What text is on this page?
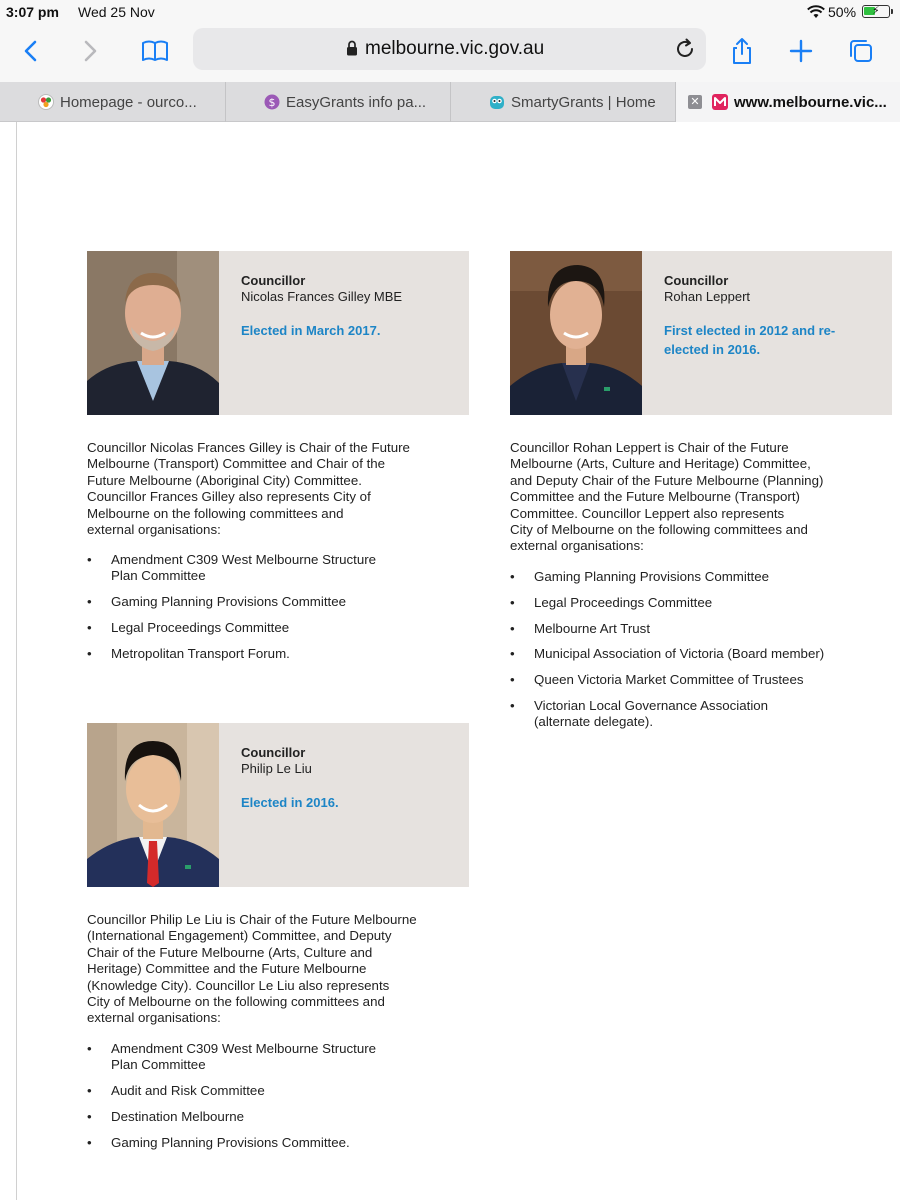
3:07 pm Wed 25 Nov	50% ⚡
melbourne.vic.gov.au
Homepage - ourco...	$ EasyGrants info pa...	SmartyGrants | Home	✕ www.melbourne.vic...
Councillor
Nicolas Frances Gilley MBE
Elected in March 2017.

Councillor Nicolas Frances Gilley is Chair of the Future
Melbourne (Transport) Committee and Chair of the
Future Melbourne (Aboriginal City) Committee.
Councillor Frances Gilley also represents City of
Melbourne on the following committees and
external organisations:

• Amendment C309 West Melbourne Structure
Plan Committee
• Gaming Planning Provisions Committee
• Legal Proceedings Committee
• Metropolitan Transport Forum.
Councillor
Rohan Leppert
First elected in 2012 and re-elected in 2016.

Councillor Rohan Leppert is Chair of the Future
Melbourne (Arts, Culture and Heritage) Committee,
and Deputy Chair of the Future Melbourne (Planning)
Committee and the Future Melbourne (Transport)
Committee. Councillor Leppert also represents
City of Melbourne on the following committees and
external organisations:

• Gaming Planning Provisions Committee
• Legal Proceedings Committee
• Melbourne Art Trust
• Municipal Association of Victoria (Board member)
• Queen Victoria Market Committee of Trustees
• Victorian Local Governance Association
(alternate delegate).
Councillor
Philip Le Liu
Elected in 2016.

Councillor Philip Le Liu is Chair of the Future Melbourne
(International Engagement) Committee, and Deputy
Chair of the Future Melbourne (Arts, Culture and
Heritage) Committee and the Future Melbourne
(Knowledge City). Councillor Le Liu also represents
City of Melbourne on the following committees and
external organisations:

• Amendment C309 West Melbourne Structure
Plan Committee
• Audit and Risk Committee
• Destination Melbourne
• Gaming Planning Provisions Committee.
